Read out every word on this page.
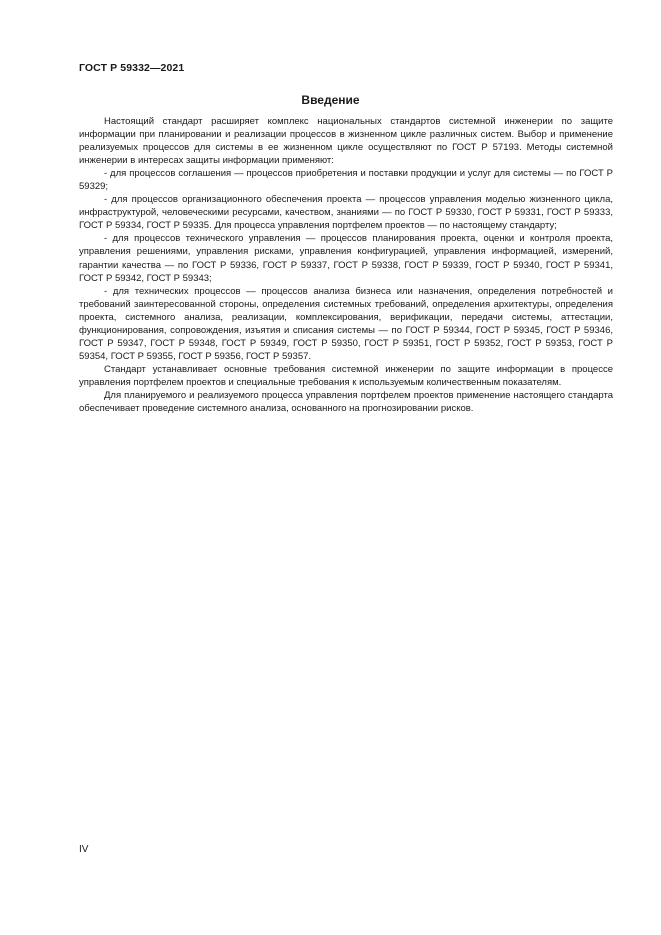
ГОСТ Р 59332—2021
Введение

Настоящий стандарт расширяет комплекс национальных стандартов системной инженерии по защите информации при планировании и реализации процессов в жизненном цикле различных систем. Выбор и применение реализуемых процессов для системы в ее жизненном цикле осуществляют по ГОСТ Р 57193. Методы системной инженерии в интересах защиты информации применяют:

- для процессов соглашения — процессов приобретения и поставки продукции и услуг для системы — по ГОСТ Р 59329;

- для процессов организационного обеспечения проекта — процессов управления моделью жизненного цикла, инфраструктурой, человеческими ресурсами, качеством, знаниями — по ГОСТ Р 59330, ГОСТ Р 59331, ГОСТ Р 59333, ГОСТ Р 59334, ГОСТ Р 59335. Для процесса управления портфелем проектов — по настоящему стандарту;

- для процессов технического управления — процессов планирования проекта, оценки и контроля проекта, управления решениями, управления рисками, управления конфигурацией, управления информацией, измерений, гарантии качества — по ГОСТ Р 59336, ГОСТ Р 59337, ГОСТ Р 59338, ГОСТ Р 59339, ГОСТ Р 59340, ГОСТ Р 59341, ГОСТ Р 59342, ГОСТ Р 59343;

- для технических процессов — процессов анализа бизнеса или назначения, определения потребностей и требований заинтересованной стороны, определения системных требований, определения архитектуры, определения проекта, системного анализа, реализации, комплексирования, верификации, передачи системы, аттестации, функционирования, сопровождения, изъятия и списания системы — по ГОСТ Р 59344, ГОСТ Р 59345, ГОСТ Р 59346, ГОСТ Р 59347, ГОСТ Р 59348, ГОСТ Р 59349, ГОСТ Р 59350, ГОСТ Р 59351, ГОСТ Р 59352, ГОСТ Р 59353, ГОСТ Р 59354, ГОСТ Р 59355, ГОСТ Р 59356, ГОСТ Р 59357.

Стандарт устанавливает основные требования системной инженерии по защите информации в процессе управления портфелем проектов и специальные требования к используемым количественным показателям.

Для планируемого и реализуемого процесса управления портфелем проектов применение настоящего стандарта обеспечивает проведение системного анализа, основанного на прогнозировании рисков.

IV
